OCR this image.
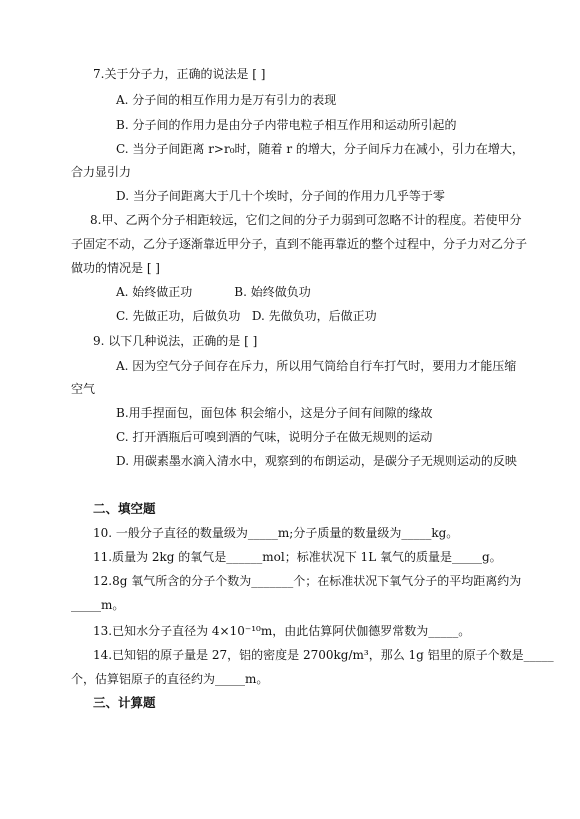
7.关于分子力，正确的说法是 [ ]
A. 分子间的相互作用力是万有引力的表现
B. 分子间的作用力是由分子内带电粒子相互作用和运动所引起的
C. 当分子间距离 r>r₀时，随着 r 的增大，分子间斥力在减小，引力在增大，
合力显引力
D. 当分子间距离大于几十个埃时，分子间的作用力几乎等于零
8.甲、乙两个分子相距较远，它们之间的分子力弱到可忽略不计的程度。若使甲分
子固定不动，乙分子逐渐靠近甲分子，直到不能再靠近的整个过程中，分子力对乙分子
做功的情况是 [ ]
A. 始终做正功           B. 始终做负功
C. 先做正功，后做负功   D. 先做负功，后做正功
9. 以下几种说法，正确的是 [ ]
A. 因为空气分子间存在斥力，所以用气筒给自行车打气时，要用力才能压缩
空气
B.用手捏面包，面包体 积会缩小，这是分子间有间隙的缘故
C. 打开酒瓶后可嗅到酒的气味，说明分子在做无规则的运动
D. 用碳素墨水滴入清水中，观察到的布朗运动，是碳分子无规则运动的反映
二、填空题
10. 一般分子直径的数量级为_____m;分子质量的数量级为_____kg。
11.质量为 2kg 的氧气是______mol；标准状况下 1L 氧气的质量是_____g。
12.8g 氧气所含的分子个数为_______个；在标准状况下氧气分子的平均距离约为
_____m。
13.已知水分子直径为 4×10⁻¹⁰m，由此估算阿伏伽德罗常数为_____。
14.已知铝的原子量是 27，铝的密度是 2700kg/m³，那么 1g 铝里的原子个数是_____
个，估算铝原子的直径约为_____m。
三、计算题
